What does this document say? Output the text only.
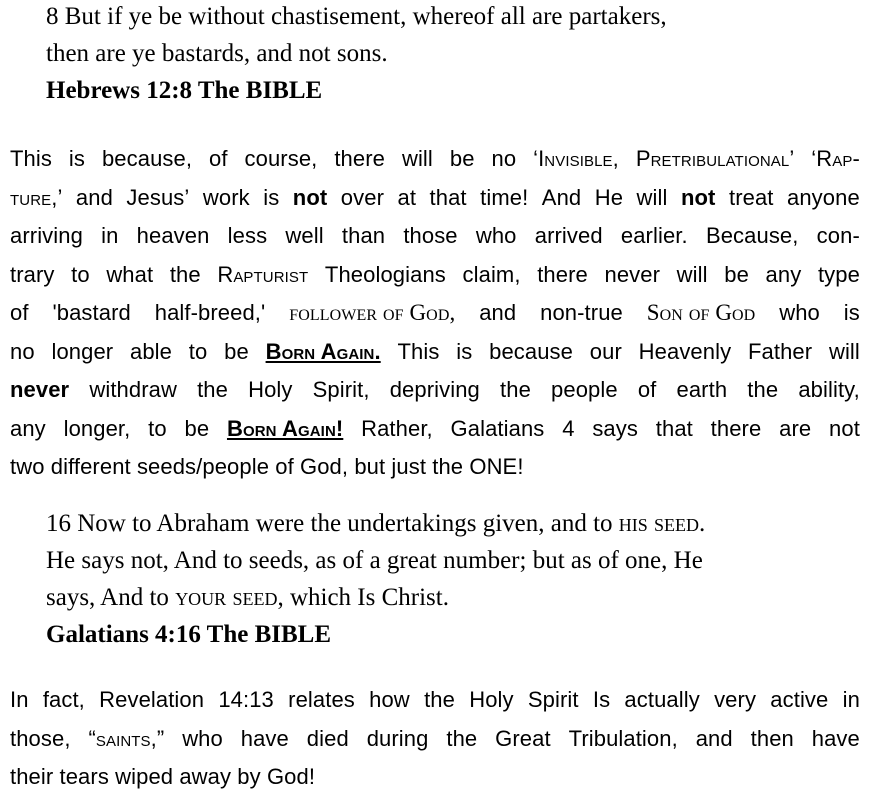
8 But if ye be without chastisement, whereof all are partakers,
then are ye bastards, and not sons.
Hebrews 12:8 The BIBLE
This is because, of course, there will be no ‘Invisible, Pretribulational’ ‘Rap-
ture,’ and Jesus’ work is not over at that time! And He will not treat anyone
arriving in heaven less well than those who arrived earlier. Because, con-
trary to what the Rapturist Theologians claim, there never will be any type
of 'bastard half-breed,' follower of God, and non-true Son of God who is
no longer able to be Born Again. This is because our Heavenly Father will
never withdraw the Holy Spirit, depriving the people of earth the ability,
any longer, to be Born Again! Rather, Galatians 4 says that there are not
two different seeds/people of God, but just the ONE!
16 Now to Abraham were the undertakings given, and to his seed.
He says not, And to seeds, as of a great number; but as of one, He
says, And to your seed, which Is Christ.
Galatians 4:16 The BIBLE
In fact, Revelation 14:13 relates how the Holy Spirit Is actually very active in
those, “saints,” who have died during the Great Tribulation, and then have
their tears wiped away by God!
